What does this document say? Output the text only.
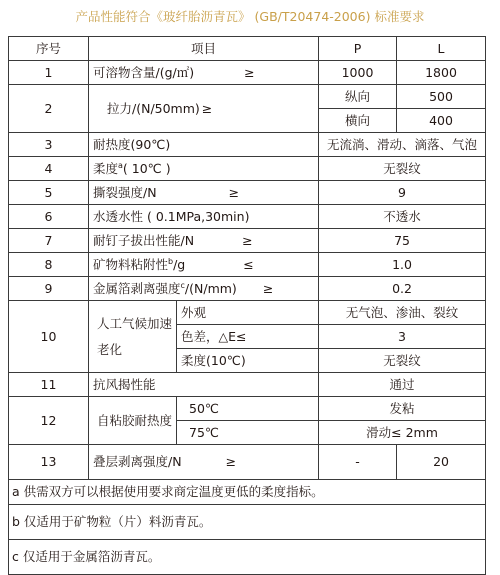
产品性能符合《玻纤胎沥青瓦》 (GB/T20474-2006) 标准要求
序号	项目		P	L
1	可溶物含量/(g/㎡) ≥		1000	1800
2	拉力/(N/50mm) ≥		纵向	500
			横向	400
3	耐热度(90℃)		无流淌、滑动、滴落、气泡	
4	柔度$^a$( 10℃ )		无裂纹	
5	撕裂强度/N ≥		9	
6	水透水性 ( 0.1MPa,30min)		不透水	
7	耐钉子拔出性能/N ≥		75	
8	矿物料粘附性$^b$/g ≤		1.0	
9	金属箔剥离强度$^c$/(N/mm) ≥		0.2	
10	人工气候加速老化	外观	无气泡、渗油、裂纹	
		色差，△E≤	3	
		柔度(10℃)	无裂纹	
11	抗风揭性能		通过	
12	自粘胶耐热度	50℃	发粘	
		75℃	滑动≤ 2mm	
13	叠层剥离强度/N ≥		-	20
a 供需双方可以根据使用要求商定温度更低的柔度指标。				
b 仅适用于矿物粒（片）料沥青瓦。				
c 仅适用于金属箔沥青瓦。				
